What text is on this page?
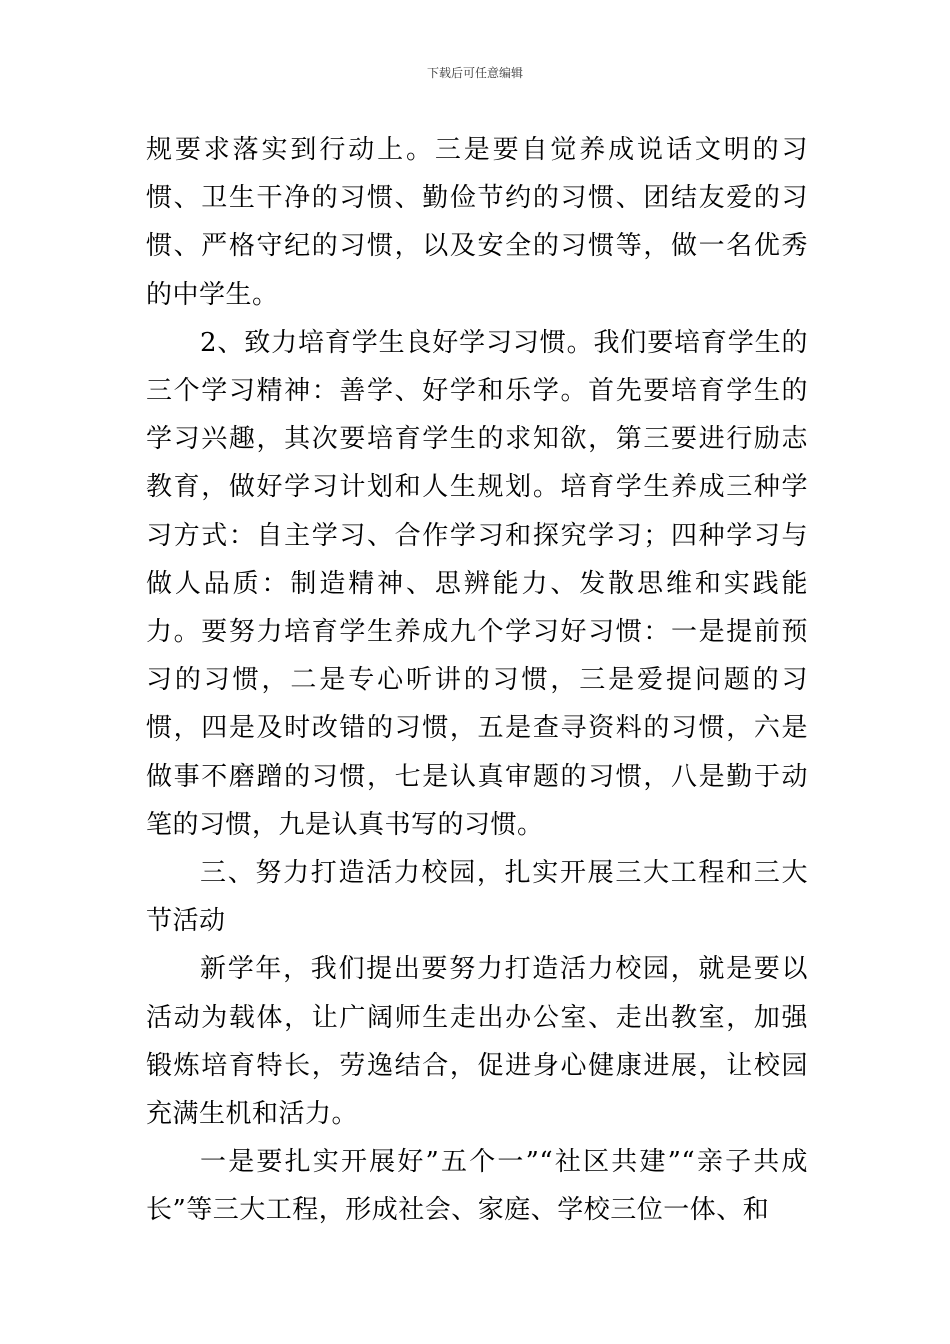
下载后可任意编辑

规要求落实到行动上。三是要自觉养成说话文明的习惯、卫生干净的习惯、勤俭节约的习惯、团结友爱的习惯、严格守纪的习惯，以及安全的习惯等，做一名优秀的中学生。

2、致力培育学生良好学习习惯。我们要培育学生的三个学习精神：善学、好学和乐学。首先要培育学生的学习兴趣，其次要培育学生的求知欲，第三要进行励志教育，做好学习计划和人生规划。培育学生养成三种学习方式：自主学习、合作学习和探究学习；四种学习与做人品质：制造精神、思辨能力、发散思维和实践能力。要努力培育学生养成九个学习好习惯：一是提前预习的习惯，二是专心听讲的习惯，三是爱提问题的习惯，四是及时改错的习惯，五是查寻资料的习惯，六是做事不磨蹭的习惯，七是认真审题的习惯，八是勤于动笔的习惯，九是认真书写的习惯。

三、努力打造活力校园，扎实开展三大工程和三大节活动

新学年，我们提出要努力打造活力校园，就是要以活动为载体，让广阔师生走出办公室、走出教室，加强锻炼培育特长，劳逸结合，促进身心健康进展，让校园充满生机和活力。

一是要扎实开展好”五个一”“社区共建”“亲子共成长”等三大工程，形成社会、家庭、学校三位一体、和
